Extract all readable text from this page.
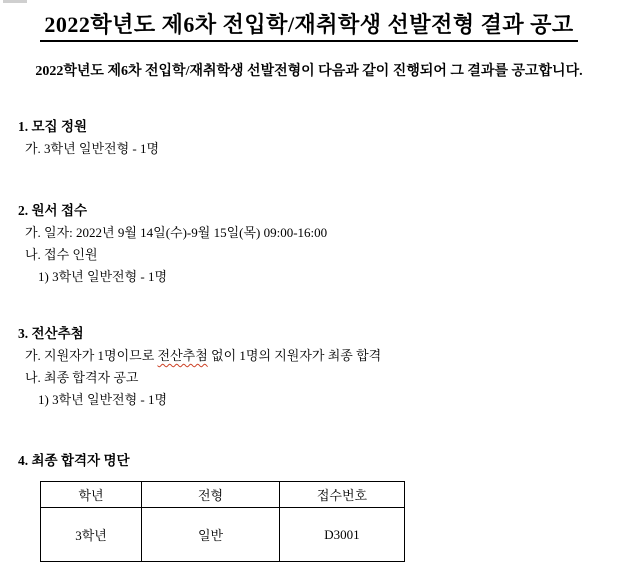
2022학년도 제6차 전입학/재취학생 선발전형 결과 공고
2022학년도 제6차 전입학/재취학생 선발전형이 다음과 같이 진행되어 그 결과를 공고합니다.
1. 모집 정원
가. 3학년 일반전형 - 1명
2. 원서 접수
가. 일자: 2022년 9월 14일(수)-9월 15일(목) 09:00-16:00
나. 접수 인원
1) 3학년 일반전형 - 1명
3. 전산추첨
가. 지원자가 1명이므로 전산추첨 없이 1명의 지원자가 최종 합격
나. 최종 합격자 공고
1) 3학년 일반전형 - 1명
4. 최종 합격자 명단
학년	전형	접수번호
3학년	일반	D3001
